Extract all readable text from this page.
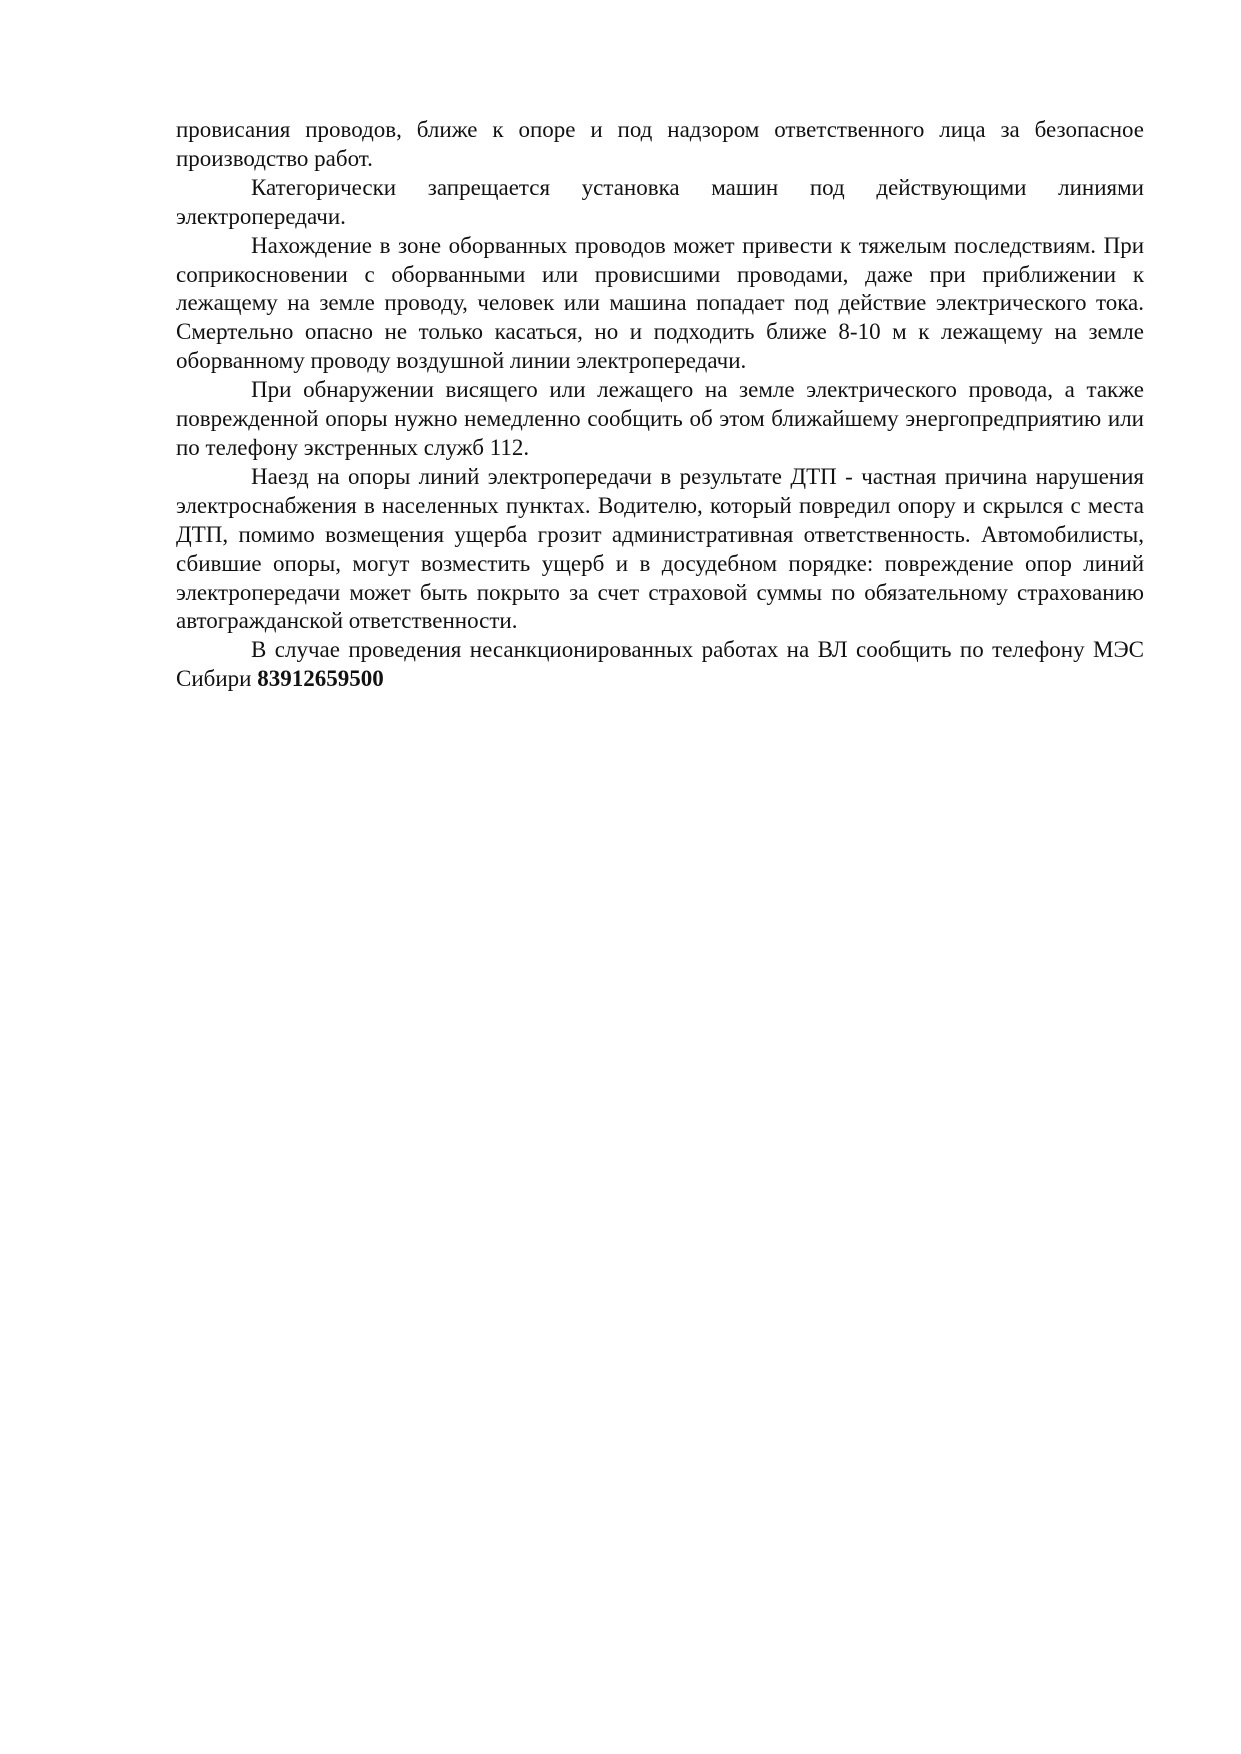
провисания проводов, ближе к опоре и под надзором ответственного лица за безопасное производство работ.

Категорически запрещается установка машин под действующими линиями электропередачи.

Нахождение в зоне оборванных проводов может привести к тяжелым последствиям. При соприкосновении с оборванными или провисшими проводами, даже при приближении к лежащему на земле проводу, человек или машина попадает под действие электрического тока. Смертельно опасно не только касаться, но и подходить ближе 8-10 м к лежащему на земле оборванному проводу воздушной линии электропередачи.

При обнаружении висящего или лежащего на земле электрического провода, а также поврежденной опоры нужно немедленно сообщить об этом ближайшему энергопредприятию или по телефону экстренных служб 112.

Наезд на опоры линий электропередачи в результате ДТП - частная причина нарушения электроснабжения в населенных пунктах. Водителю, который повредил опору и скрылся с места ДТП, помимо возмещения ущерба грозит административная ответственность. Автомобилисты, сбившие опоры, могут возместить ущерб и в досудебном порядке: повреждение опор линий электропередачи может быть покрыто за счет страховой суммы по обязательному страхованию автогражданской ответственности.

В случае проведения несанкционированных работах на ВЛ сообщить по телефону МЭС Сибири 83912659500
